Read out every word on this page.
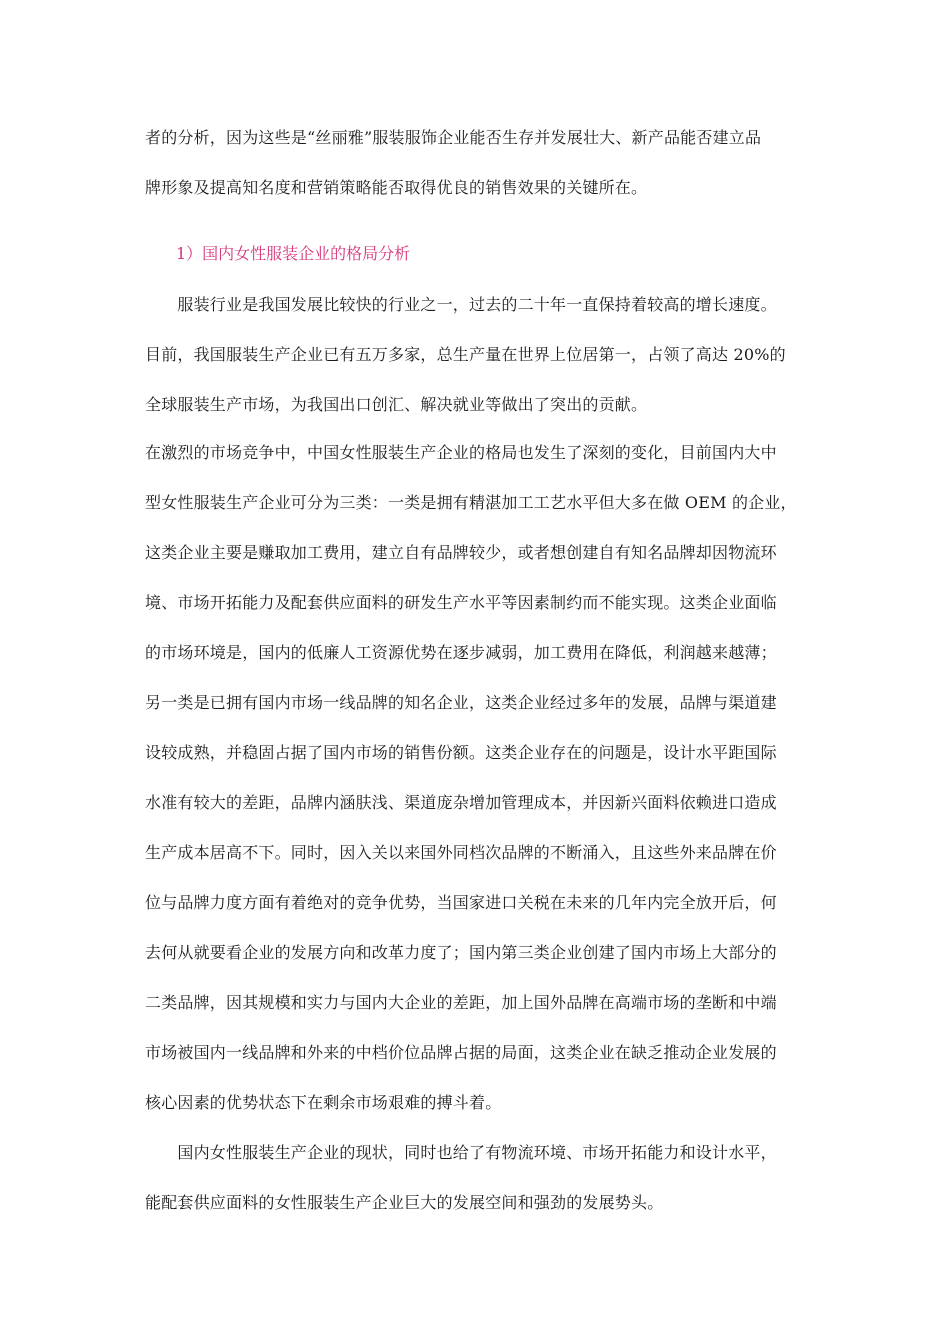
者的分析，因为这些是“丝丽雅”服装服饰企业能否生存并发展壮大、新产品能否建立品
牌形象及提高知名度和营销策略能否取得优良的销售效果的关键所在。
1）国内女性服装企业的格局分析
　　服装行业是我国发展比较快的行业之一，过去的二十年一直保持着较高的增长速度。
目前，我国服装生产企业已有五万多家，总生产量在世界上位居第一，占领了高达 20%的
全球服装生产市场，为我国出口创汇、解决就业等做出了突出的贡献。
在激烈的市场竞争中，中国女性服装生产企业的格局也发生了深刻的变化，目前国内大中
型女性服装生产企业可分为三类：一类是拥有精湛加工工艺水平但大多在做 OEM 的企业，
这类企业主要是赚取加工费用，建立自有品牌较少，或者想创建自有知名品牌却因物流环
境、市场开拓能力及配套供应面料的研发生产水平等因素制约而不能实现。这类企业面临
的市场环境是，国内的低廉人工资源优势在逐步减弱，加工费用在降低，利润越来越薄；
另一类是已拥有国内市场一线品牌的知名企业，这类企业经过多年的发展，品牌与渠道建
设较成熟，并稳固占据了国内市场的销售份额。这类企业存在的问题是，设计水平距国际
水准有较大的差距，品牌内涵肤浅、渠道庞杂增加管理成本，并因新兴面料依赖进口造成
生产成本居高不下。同时，因入关以来国外同档次品牌的不断涌入，且这些外来品牌在价
位与品牌力度方面有着绝对的竞争优势，当国家进口关税在未来的几年内完全放开后，何
去何从就要看企业的发展方向和改革力度了；国内第三类企业创建了国内市场上大部分的
二类品牌，因其规模和实力与国内大企业的差距，加上国外品牌在高端市场的垄断和中端
市场被国内一线品牌和外来的中档价位品牌占据的局面，这类企业在缺乏推动企业发展的
核心因素的优势状态下在剩余市场艰难的搏斗着。
　　国内女性服装生产企业的现状，同时也给了有物流环境、市场开拓能力和设计水平，
能配套供应面料的女性服装生产企业巨大的发展空间和强劲的发展势头。
